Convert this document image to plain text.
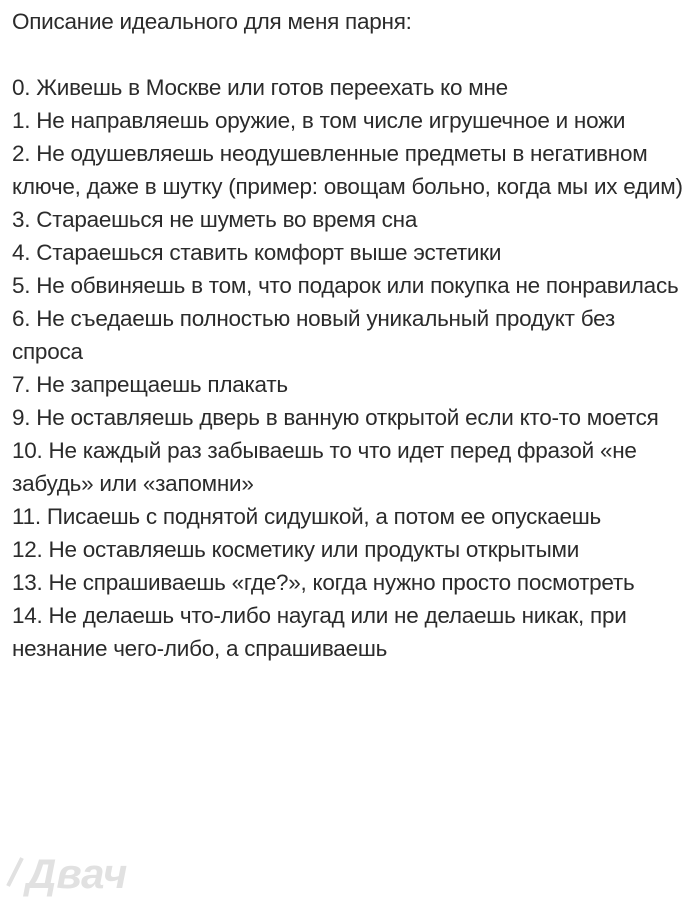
Описание идеального для меня парня:

0. Живешь в Москве или готов переехать ко мне
1. Не направляешь оружие, в том числе игрушечное и ножи
2. Не одушевляешь неодушевленные предметы в негативном ключе, даже в шутку (пример: овощам больно, когда мы их едим)
3. Стараешься не шуметь во время сна
4. Стараешься ставить комфорт выше эстетики
5. Не обвиняешь в том, что подарок или покупка не понравилась
6. Не съедаешь полностью новый уникальный продукт без спроса
7. Не запрещаешь плакать
9. Не оставляешь дверь в ванную открытой если кто-то моется
10. Не каждый раз забываешь то что идет перед фразой «не забудь» или «запомни»
11. Писаешь с поднятой сидушкой, а потом ее опускаешь
12. Не оставляешь косметику или продукты открытыми
13. Не спрашиваешь «где?», когда нужно просто посмотреть
14. Не делаешь что-либо наугад или не делаешь никак, при незнание чего-либо, а спрашиваешь
Двач
